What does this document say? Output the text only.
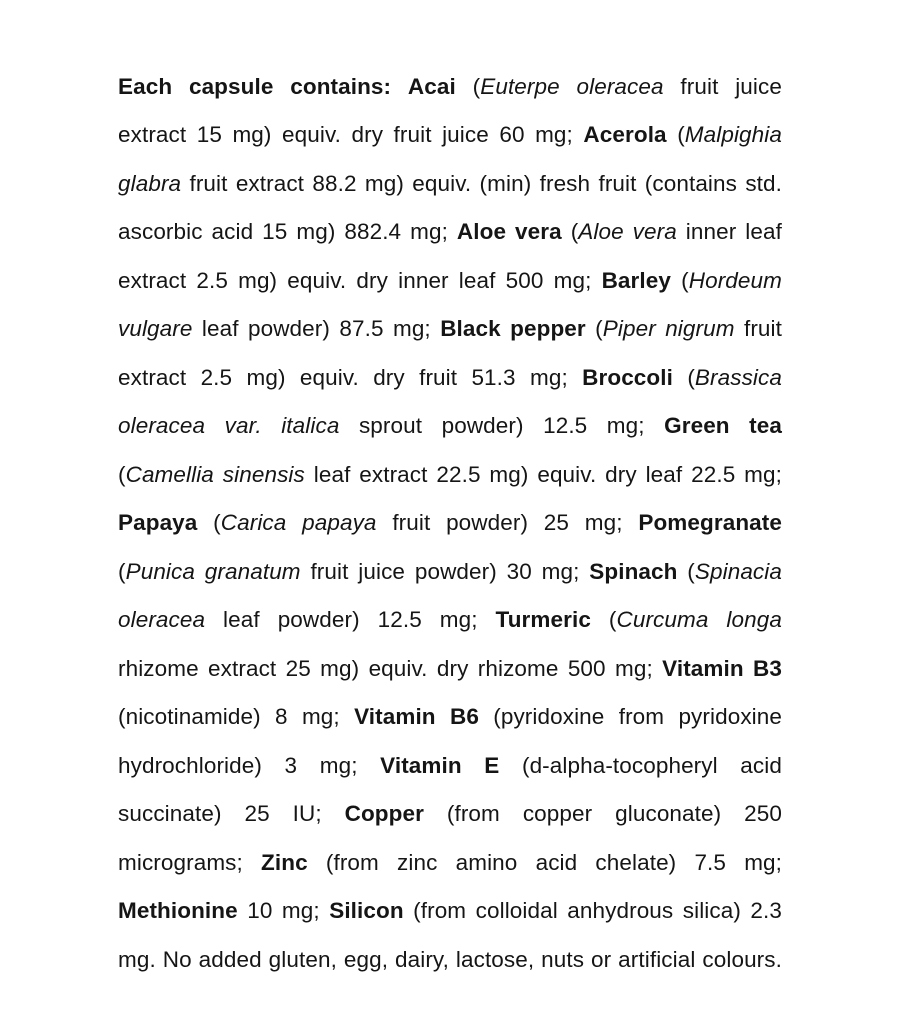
Each capsule contains: Acai (Euterpe oleracea fruit juice extract 15 mg) equiv. dry fruit juice 60 mg; Acerola (Malpighia glabra fruit extract 88.2 mg) equiv. (min) fresh fruit (contains std. ascorbic acid 15 mg) 882.4 mg; Aloe vera (Aloe vera inner leaf extract 2.5 mg) equiv. dry inner leaf 500 mg; Barley (Hordeum vulgare leaf powder) 87.5 mg; Black pepper (Piper nigrum fruit extract 2.5 mg) equiv. dry fruit 51.3 mg; Broccoli (Brassica oleracea var. italica sprout powder) 12.5 mg; Green tea (Camellia sinensis leaf extract 22.5 mg) equiv. dry leaf 22.5 mg; Papaya (Carica papaya fruit powder) 25 mg; Pomegranate (Punica granatum fruit juice powder) 30 mg; Spinach (Spinacia oleracea leaf powder) 12.5 mg; Turmeric (Curcuma longa rhizome extract 25 mg) equiv. dry rhizome 500 mg; Vitamin B3 (nicotinamide) 8 mg; Vitamin B6 (pyridoxine from pyridoxine hydrochloride) 3 mg; Vitamin E (d-alpha-tocopheryl acid succinate) 25 IU; Copper (from copper gluconate) 250 micrograms; Zinc (from zinc amino acid chelate) 7.5 mg; Methionine 10 mg; Silicon (from colloidal anhydrous silica) 2.3 mg. No added gluten, egg, dairy, lactose, nuts or artificial colours.
